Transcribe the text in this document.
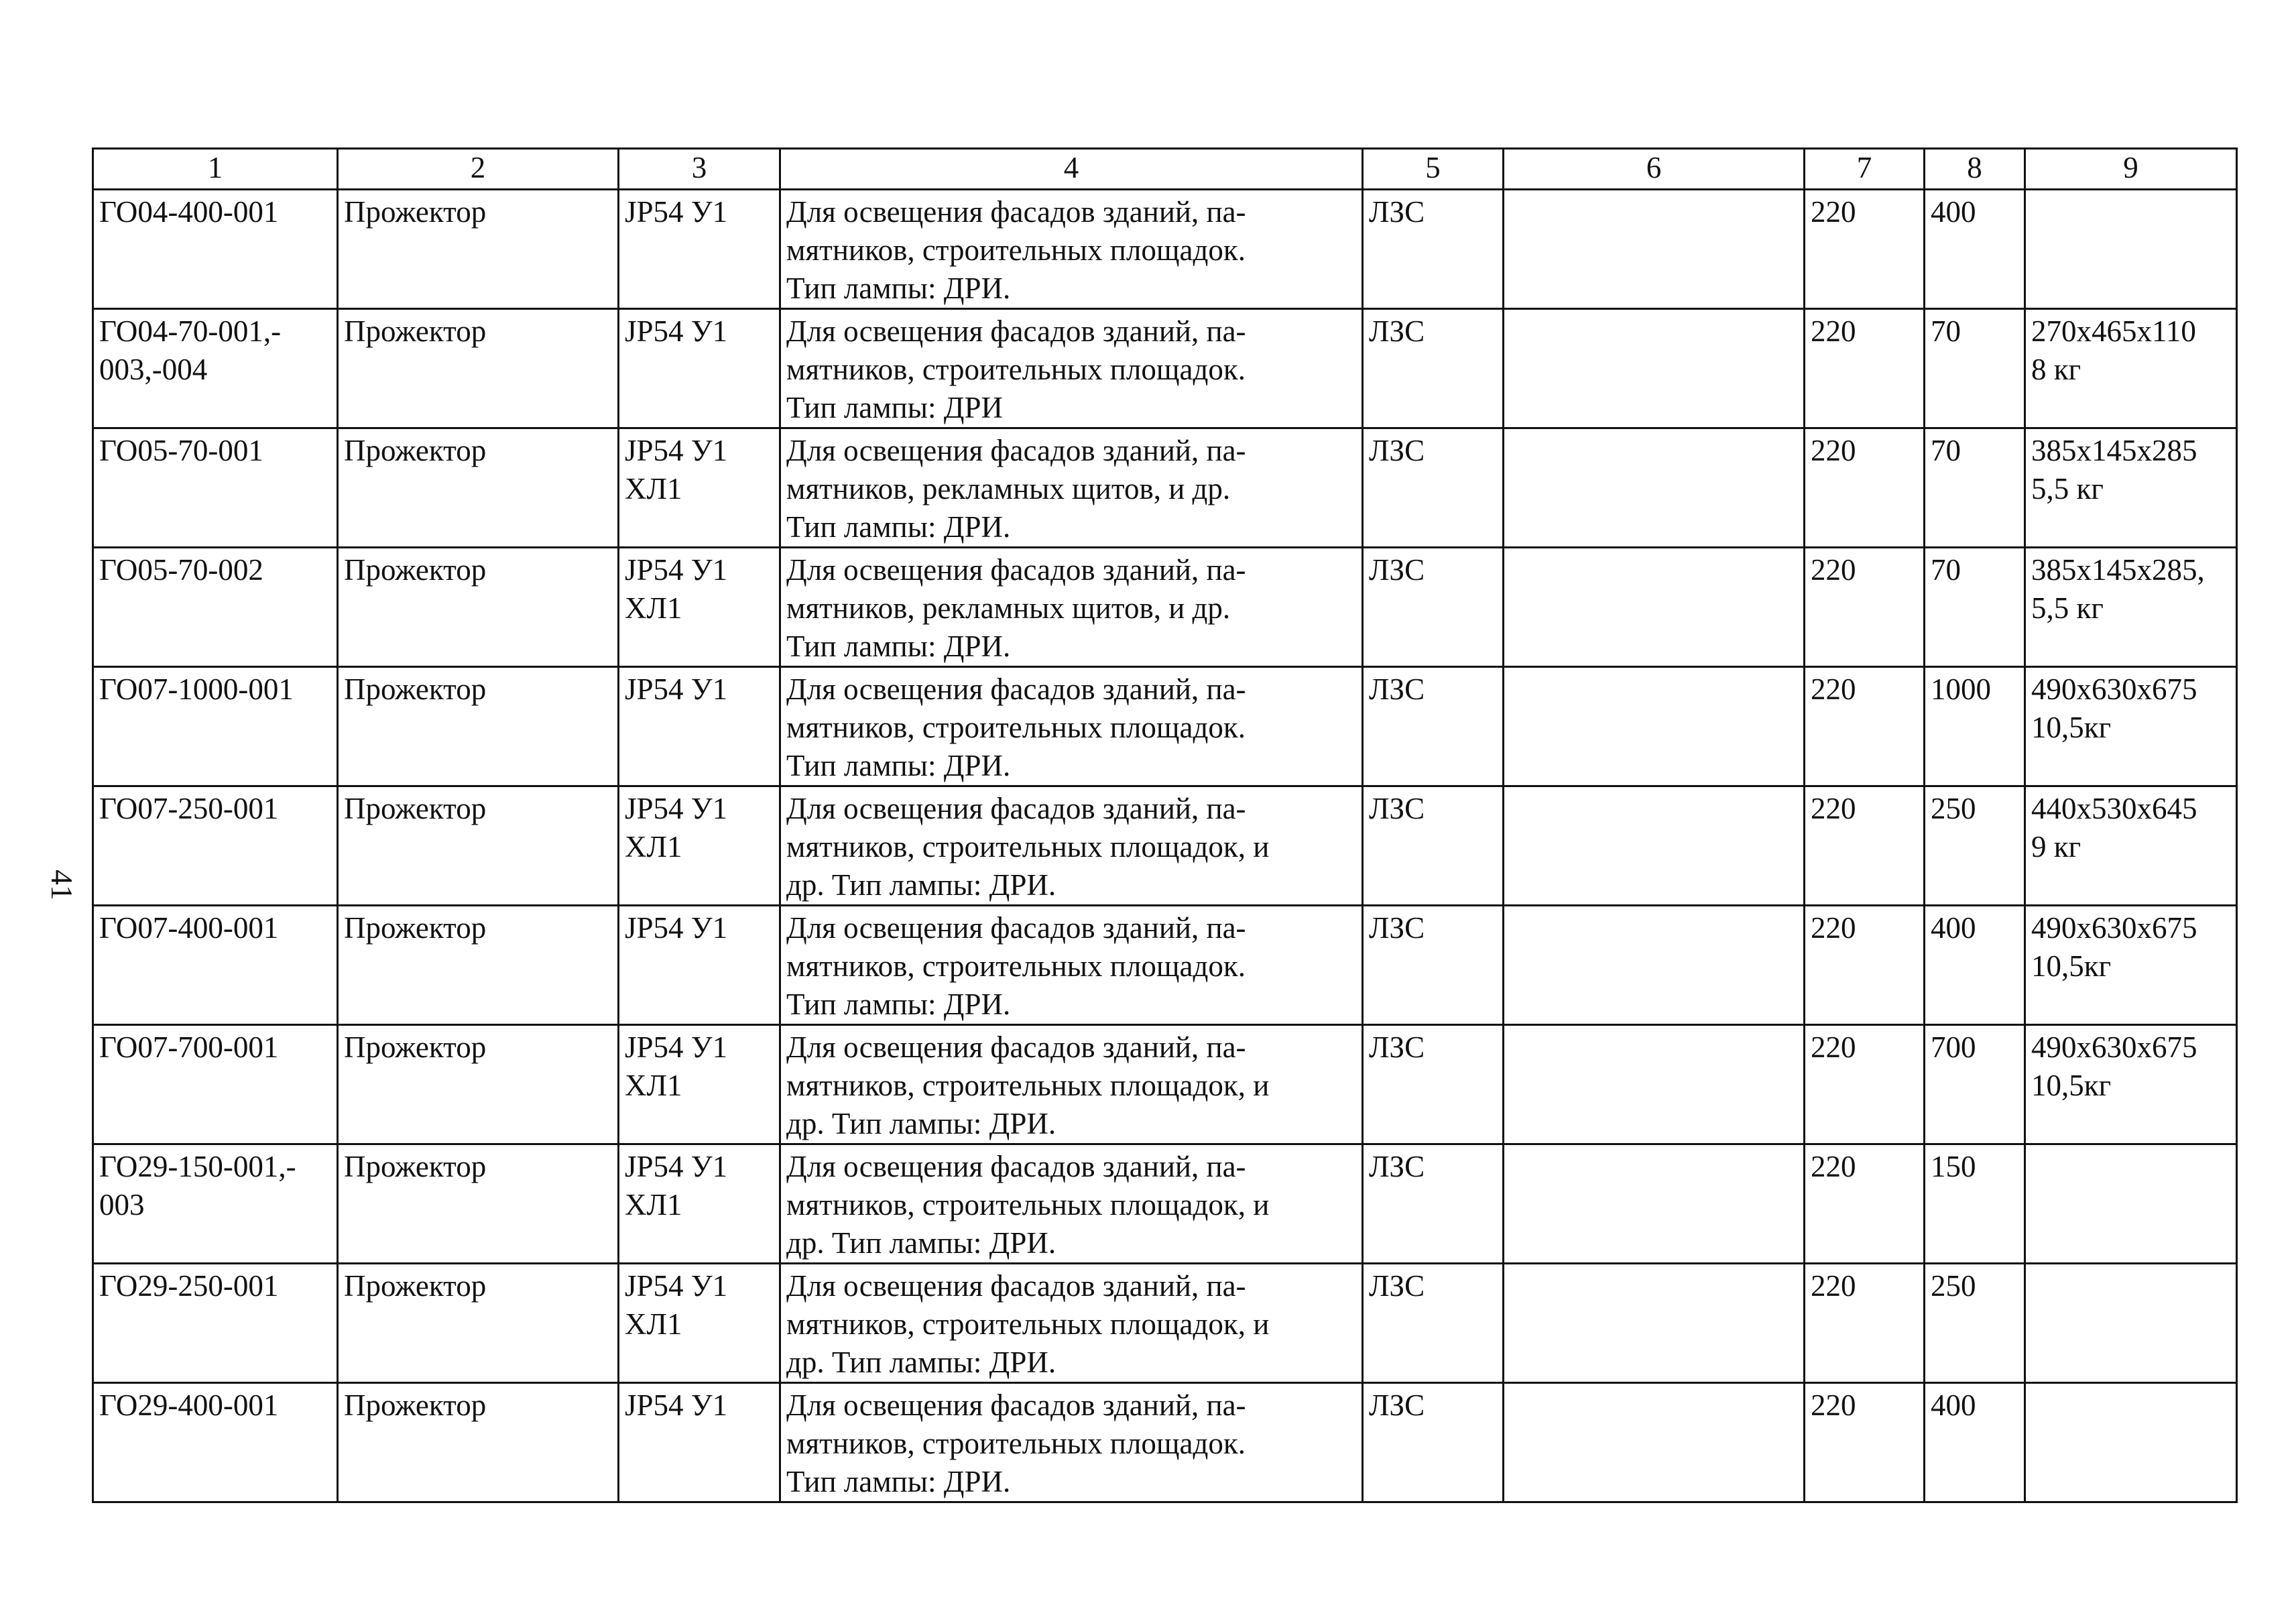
41
1	2	3	4	5	6	7	8	9

ГО04-400-001	Прожектор	JP54 У1	Для освещения фасадов зданий, па-
мятников, строительных площадок.
Тип лампы: ДРИ.	ЛЗС		220	400	

ГО04-70-001,-
003,-004	Прожектор	JP54 У1	Для освещения фасадов зданий, па-
мятников, строительных площадок.
Тип лампы: ДРИ	ЛЗС		220	70	270х465х110
8 кг

ГО05-70-001	Прожектор	JP54 У1
ХЛ1	Для освещения фасадов зданий, па-
мятников, рекламных щитов, и др.
Тип лампы: ДРИ.	ЛЗС		220	70	385х145х285
5,5 кг

ГО05-70-002	Прожектор	JP54 У1
ХЛ1	Для освещения фасадов зданий, па-
мятников, рекламных щитов, и др.
Тип лампы: ДРИ.	ЛЗС		220	70	385х145х285,
5,5 кг

ГО07-1000-001	Прожектор	JP54 У1	Для освещения фасадов зданий, па-
мятников, строительных площадок.
Тип лампы: ДРИ.	ЛЗС		220	1000	490х630х675
10,5кг

ГО07-250-001	Прожектор	JP54 У1
ХЛ1	Для освещения фасадов зданий, па-
мятников, строительных площадок, и
др. Тип лампы: ДРИ.	ЛЗС		220	250	440х530х645
9 кг

ГО07-400-001	Прожектор	JP54 У1	Для освещения фасадов зданий, па-
мятников, строительных площадок.
Тип лампы: ДРИ.	ЛЗС		220	400	490х630х675
10,5кг

ГО07-700-001	Прожектор	JP54 У1
ХЛ1	Для освещения фасадов зданий, па-
мятников, строительных площадок, и
др. Тип лампы: ДРИ.	ЛЗС		220	700	490х630х675
10,5кг

ГО29-150-001,-
003	Прожектор	JP54 У1
ХЛ1	Для освещения фасадов зданий, па-
мятников, строительных площадок, и
др. Тип лампы: ДРИ.	ЛЗС		220	150	

ГО29-250-001	Прожектор	JP54 У1
ХЛ1	Для освещения фасадов зданий, па-
мятников, строительных площадок, и
др. Тип лампы: ДРИ.	ЛЗС		220	250	

ГО29-400-001	Прожектор	JP54 У1	Для освещения фасадов зданий, па-
мятников, строительных площадок.
Тип лампы: ДРИ.	ЛЗС		220	400	
